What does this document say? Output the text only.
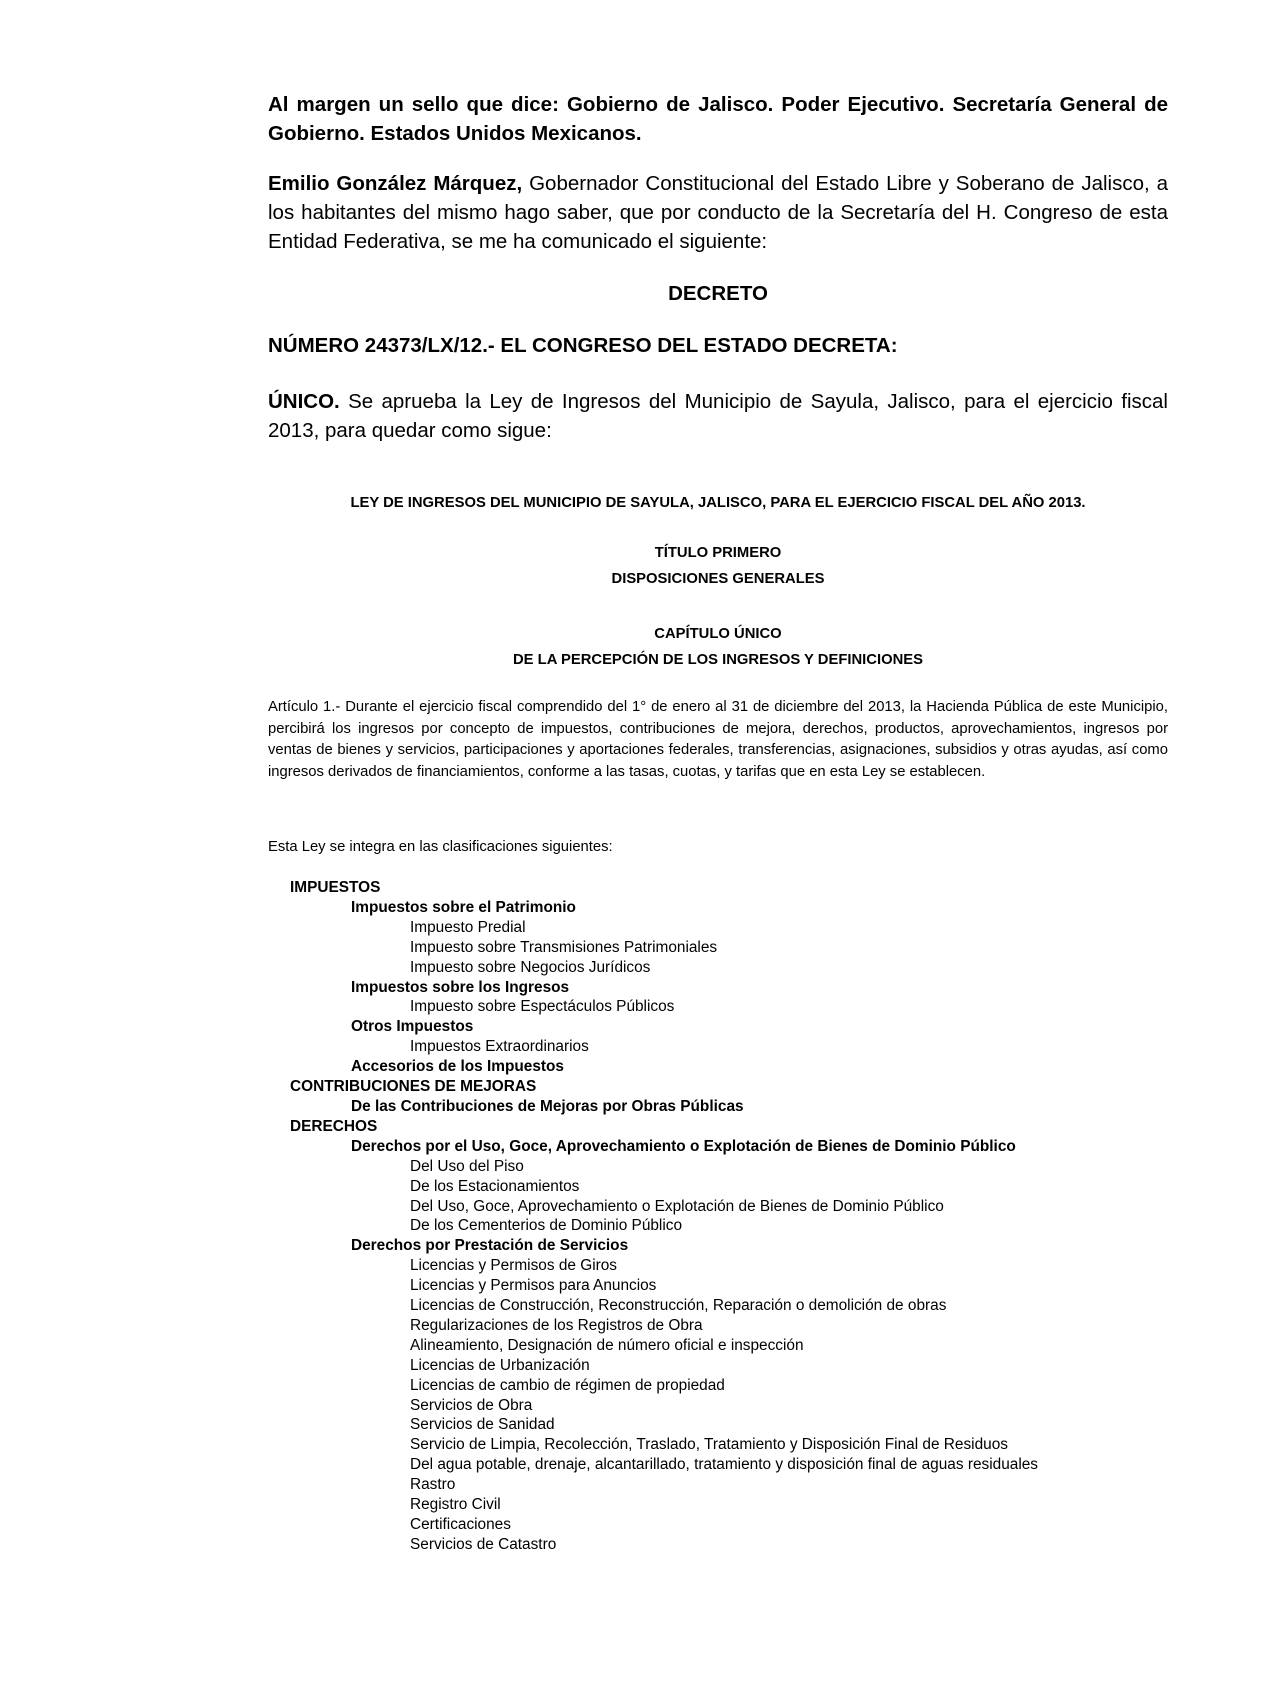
Al margen un sello que dice: Gobierno de Jalisco. Poder Ejecutivo. Secretaría General de Gobierno. Estados Unidos Mexicanos.

Emilio González Márquez, Gobernador Constitucional del Estado Libre y Soberano de Jalisco, a los habitantes del mismo hago saber, que por conducto de la Secretaría del H. Congreso de esta Entidad Federativa, se me ha comunicado el siguiente:

DECRETO

NÚMERO 24373/LX/12.- EL CONGRESO DEL ESTADO DECRETA:

ÚNICO. Se aprueba la Ley de Ingresos del Municipio de Sayula, Jalisco, para el ejercicio fiscal 2013, para quedar como sigue:

LEY DE INGRESOS DEL MUNICIPIO DE SAYULA, JALISCO, PARA EL EJERCICIO FISCAL DEL AÑO 2013.

TÍTULO PRIMERO

DISPOSICIONES GENERALES

CAPÍTULO ÚNICO

DE LA PERCEPCIÓN DE LOS INGRESOS Y DEFINICIONES

Artículo 1.- Durante el ejercicio fiscal comprendido del 1° de enero al 31 de diciembre del 2013, la Hacienda Pública de este Municipio, percibirá los ingresos por concepto de impuestos, contribuciones de mejora, derechos, productos, aprovechamientos, ingresos por ventas de bienes y servicios, participaciones y aportaciones federales, transferencias, asignaciones, subsidios y otras ayudas, así como ingresos derivados de financiamientos, conforme a las tasas, cuotas, y tarifas que en esta Ley se establecen.

Esta Ley se integra en las clasificaciones siguientes:

IMPUESTOS
Impuestos sobre el Patrimonio
Impuesto Predial
Impuesto sobre Transmisiones Patrimoniales
Impuesto sobre Negocios Jurídicos
Impuestos sobre los Ingresos
Impuesto sobre Espectáculos Públicos
Otros Impuestos
Impuestos Extraordinarios
Accesorios de los Impuestos
CONTRIBUCIONES DE MEJORAS
De las Contribuciones de Mejoras por Obras Públicas
DERECHOS
Derechos por el Uso, Goce, Aprovechamiento o Explotación de Bienes de Dominio Público
Del Uso del Piso
De los Estacionamientos
Del Uso, Goce, Aprovechamiento o Explotación de Bienes de Dominio Público
De los Cementerios de Dominio Público
Derechos por Prestación de Servicios
Licencias y Permisos de Giros
Licencias y Permisos para Anuncios
Licencias de Construcción, Reconstrucción, Reparación o demolición de obras
Regularizaciones de los Registros de Obra
Alineamiento, Designación de número oficial e inspección
Licencias de Urbanización
Licencias de cambio de régimen de propiedad
Servicios de Obra
Servicios de Sanidad
Servicio de Limpia, Recolección, Traslado, Tratamiento y Disposición Final de Residuos
Del agua potable, drenaje, alcantarillado, tratamiento y disposición final de aguas residuales
Rastro
Registro Civil
Certificaciones
Servicios de Catastro
